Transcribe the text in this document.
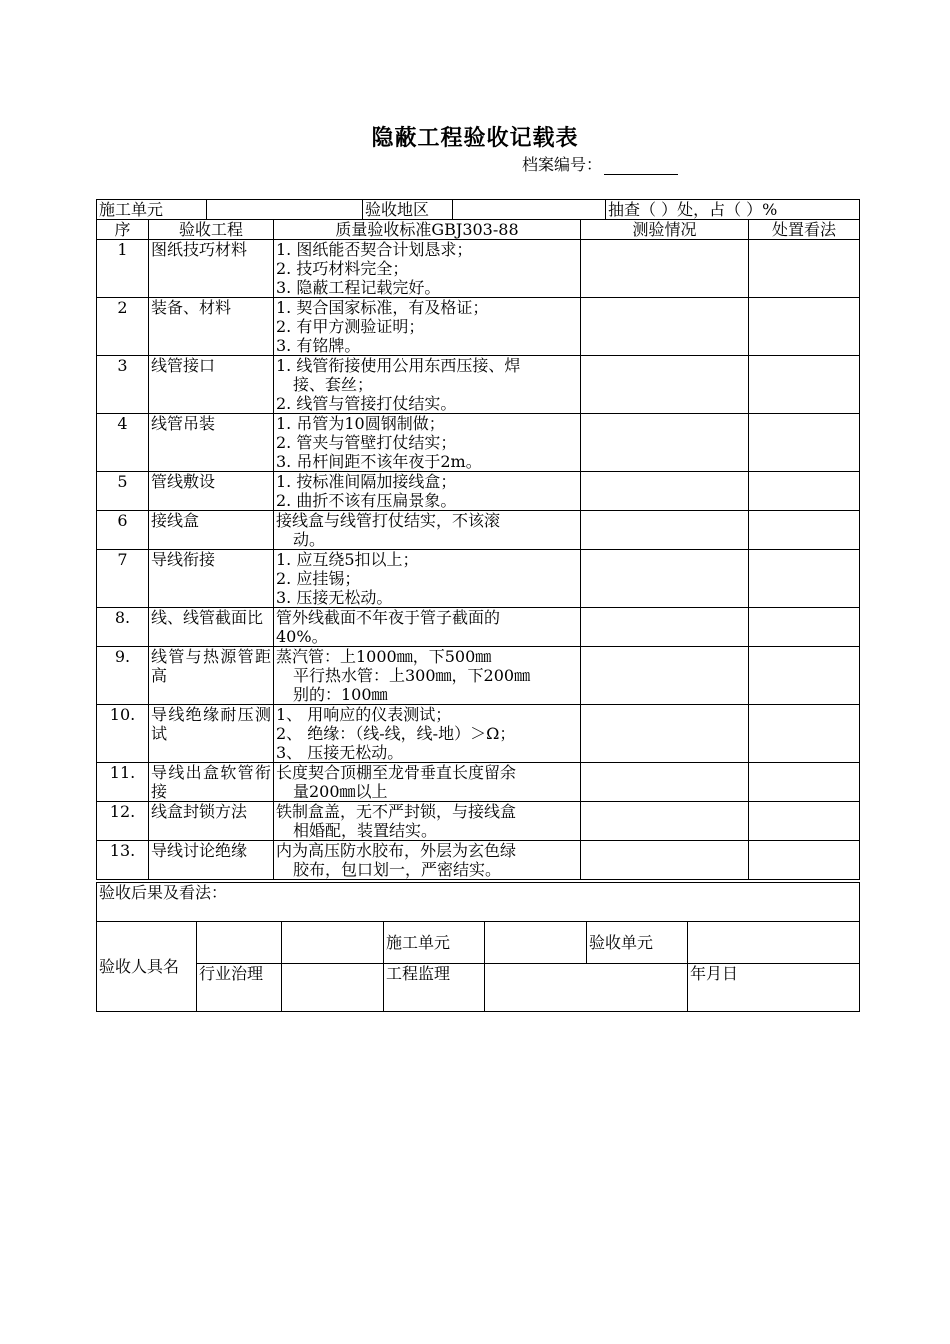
隐蔽工程验收记载表
档案编号：
施工单元 验收地区 抽查（ ）处，占（ ）%				

序	验收工程	质量验收标准GBJ303-88	测验情况	处置看法
1	图纸技巧材料	1. 图纸能否契合计划恳求；
2. 技巧材料完全；
3. 隐蔽工程记载完好。		

2	装备、材料	1. 契合国家标准，有及格证；
2. 有甲方测验证明；
3. 有铭牌。		

3	线管接口	1. 线管衔接使用公用东西压接、焊
接、套丝；
2. 线管与管接打仗结实。		

4	线管吊装	1. 吊管为10圆钢制做；
2. 管夹与管壁打仗结实；
3. 吊杆间距不该年夜于2m。		

5	管线敷设	1. 按标准间隔加接线盒；
2. 曲折不该有压扁景象。		

6	接线盒	接线盒与线管打仗结实，不该滚
动。		

7	导线衔接	1. 应互绕5扣以上；
2. 应挂锡；
3. 压接无松动。		

8.	线、线管截面比	管外线截面不年夜于管子截面的
40%。		

9.	线管与热源管距高	蒸汽管：上1000㎜，下500㎜
平行热水管：上300㎜，下200㎜
别的：100㎜		

10.	导线绝缘耐压测试	1、 用响应的仪表测试；
2、 绝缘：（线-线，线-地）＞Ω；
3、 压接无松动。		

11.	导线出盒软管衔接	长度契合顶棚至龙骨垂直长度留余
量200㎜以上		

12.	线盒封锁方法	铁制盒盖，无不严封锁，与接线盒
相婚配，装置结实。		

13.	导线讨论绝缘	内为高压防水胶布，外层为玄色绿
胶布，包口划一，严密结实。		

验收后果及看法：						
验收人具名			施工单元		验收单元	
	行业治理		工程监理			年月日
